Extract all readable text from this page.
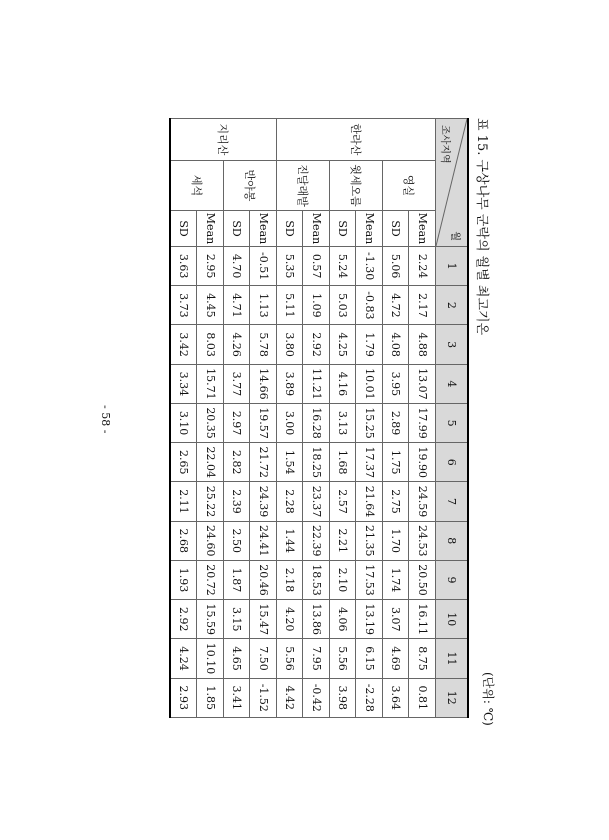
표 15. 구상나무 군락의 월별 최고기온
(단위: ℃)
월
조사지역			1	2	3	4	5	6	7	8	9	10	11	12
한라산	영실	Mean	2.24	2.17	4.88	13.07	17.99	19.90	24.59	24.53	20.50	16.11	8.75	0.81
		SD	5.06	4.72	4.08	3.95	2.89	1.75	2.75	1.70	1.74	3.07	4.69	3.64
	윗세오름	Mean	-1.30	-0.83	1.79	10.01	15.25	17.37	21.64	21.35	17.53	13.19	6.15	-2.28
		SD	5.24	5.03	4.25	4.16	3.13	1.68	2.57	2.21	2.10	4.06	5.56	3.98
	진달래밭	Mean	0.57	1.09	2.92	11.21	16.28	18.25	23.37	22.39	18.53	13.86	7.95	-0.42
		SD	5.35	5.11	3.80	3.89	3.00	1.54	2.28	1.44	2.18	4.20	5.56	4.42
지리산	반야봉	Mean	-0.51	1.13	5.78	14.66	19.57	21.72	24.39	24.41	20.46	15.47	7.50	-1.52
		SD	4.70	4.71	4.26	3.77	2.97	2.82	2.39	2.50	1.87	3.15	4.65	3.41
	세석	Mean	2.95	4.45	8.03	15.71	20.35	22.04	25.22	24.60	20.72	15.59	10.10	1.85
		SD	3.63	3.73	3.42	3.34	3.10	2.65	2.11	2.68	1.93	2.92	4.24	2.93
- 58 -
